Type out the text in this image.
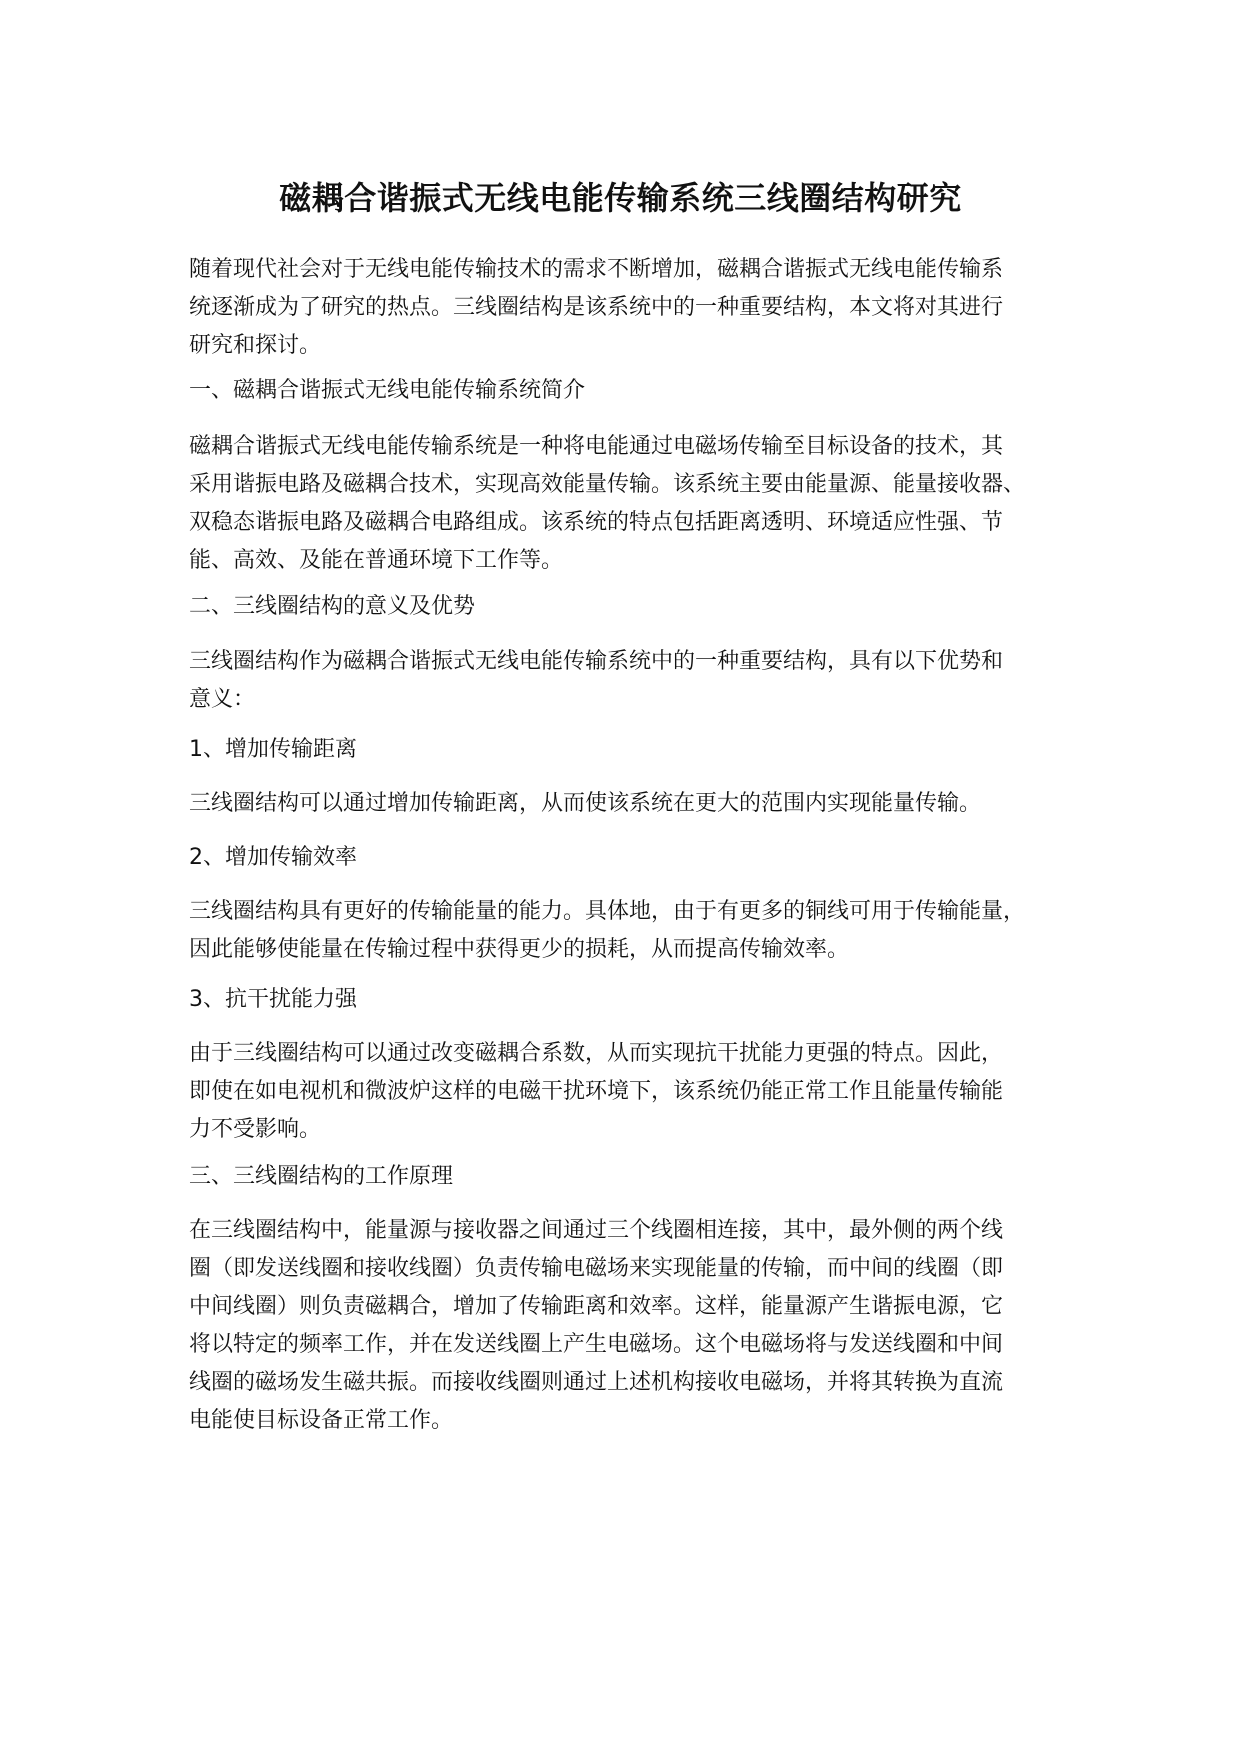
磁耦合谐振式无线电能传输系统三线圈结构研究
随着现代社会对于无线电能传输技术的需求不断增加，磁耦合谐振式无线电能传输系
统逐渐成为了研究的热点。三线圈结构是该系统中的一种重要结构，本文将对其进行
研究和探讨。
一、磁耦合谐振式无线电能传输系统简介
磁耦合谐振式无线电能传输系统是一种将电能通过电磁场传输至目标设备的技术，其
采用谐振电路及磁耦合技术，实现高效能量传输。该系统主要由能量源、能量接收器、
双稳态谐振电路及磁耦合电路组成。该系统的特点包括距离透明、环境适应性强、节
能、高效、及能在普通环境下工作等。
二、三线圈结构的意义及优势
三线圈结构作为磁耦合谐振式无线电能传输系统中的一种重要结构，具有以下优势和
意义：
1、增加传输距离
三线圈结构可以通过增加传输距离，从而使该系统在更大的范围内实现能量传输。
2、增加传输效率
三线圈结构具有更好的传输能量的能力。具体地，由于有更多的铜线可用于传输能量，
因此能够使能量在传输过程中获得更少的损耗，从而提高传输效率。
3、抗干扰能力强
由于三线圈结构可以通过改变磁耦合系数，从而实现抗干扰能力更强的特点。因此，
即使在如电视机和微波炉这样的电磁干扰环境下，该系统仍能正常工作且能量传输能
力不受影响。
三、三线圈结构的工作原理
在三线圈结构中，能量源与接收器之间通过三个线圈相连接，其中，最外侧的两个线
圈（即发送线圈和接收线圈）负责传输电磁场来实现能量的传输，而中间的线圈（即
中间线圈）则负责磁耦合，增加了传输距离和效率。这样，能量源产生谐振电源，它
将以特定的频率工作，并在发送线圈上产生电磁场。这个电磁场将与发送线圈和中间
线圈的磁场发生磁共振。而接收线圈则通过上述机构接收电磁场，并将其转换为直流
电能使目标设备正常工作。
